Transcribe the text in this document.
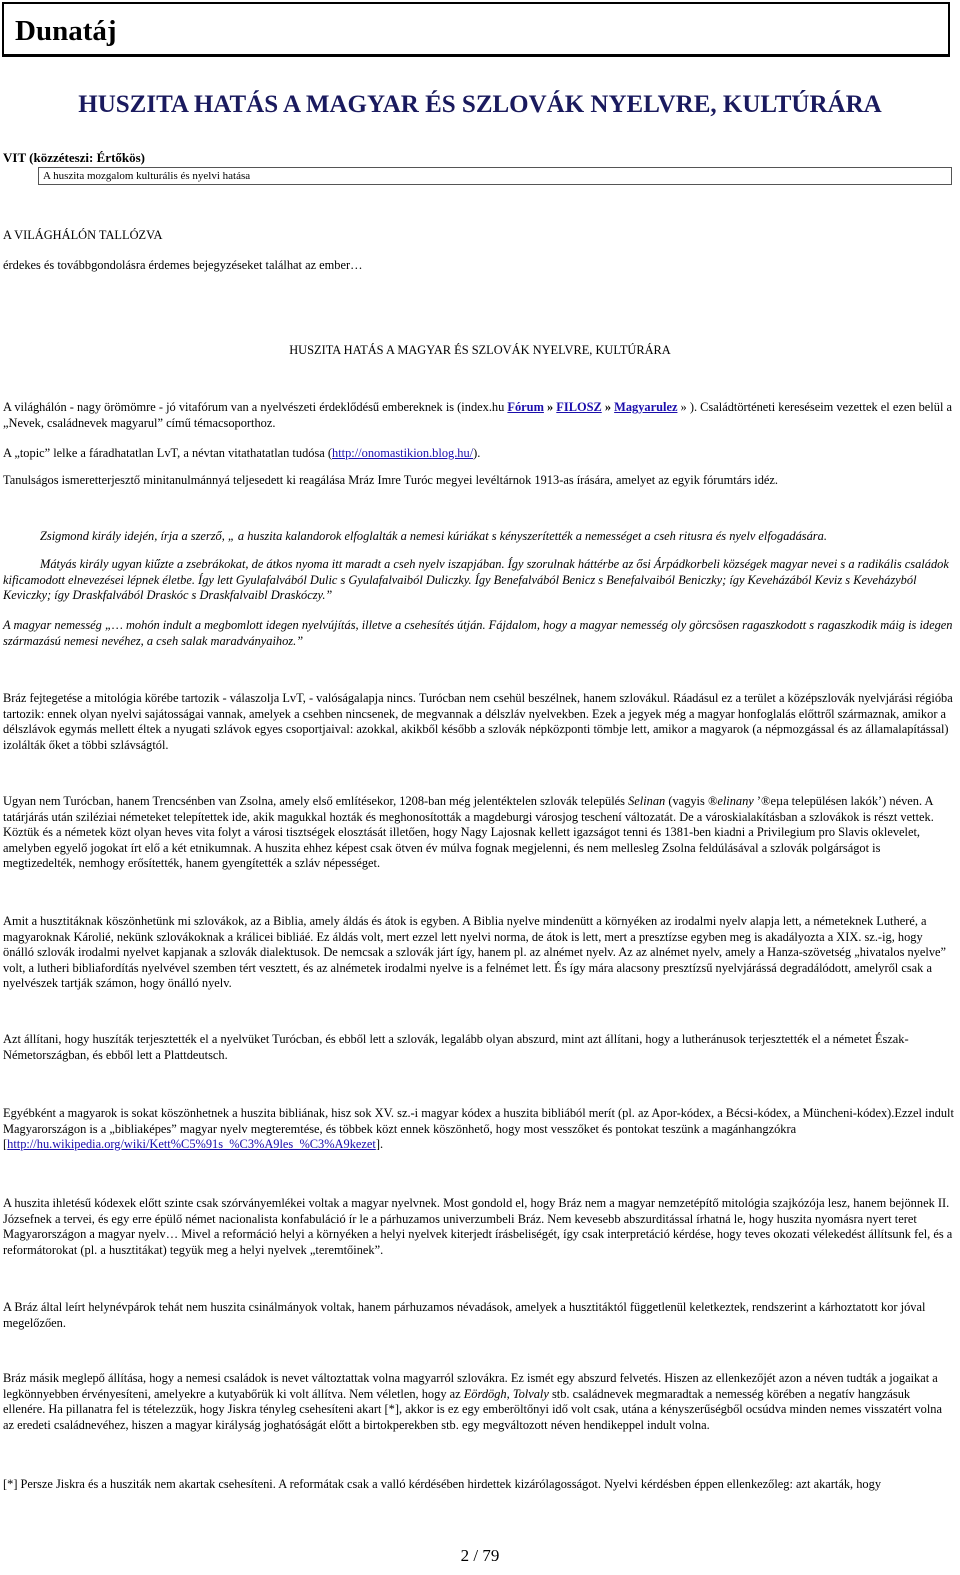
Dunatáj
HUSZITA HATÁS A MAGYAR ÉS SZLOVÁK NYELVRE, KULTÚRÁRA
VIT (közzéteszi: Értőkös)
A huszita mozgalom kulturális és nyelvi hatása

A VILÁGHÁLÓN TALLÓZVA

érdekes és továbbgondolásra érdemes bejegyzéseket találhat az ember…

HUSZITA HATÁS A MAGYAR ÉS SZLOVÁK NYELVRE, KULTÚRÁRA

A világhálón - nagy örömömre - jó vitafórum van a nyelvészeti érdeklődésű embereknek is (index.hu Fórum » FILOSZ » Magyarulez » ). Családtörténeti kereséseim vezettek el ezen belül a „Nevek, családnevek magyarul” című témacsoporthoz.

A „topic” lelke a fáradhatatlan LvT, a névtan vitathatatlan tudósa (http://onomastikion.blog.hu/).

Tanulságos ismeretterjesztő minitanulmánnyá teljesedett ki reagálása Mráz Imre Turóc megyei levéltárnok 1913-as írására, amelyet az egyik fórumtárs idéz.

Zsigmond király idején, írja a szerző, „ a huszita kalandorok elfoglalták a nemesi kúriákat s kényszerítették a nemességet a cseh ritusra és nyelv elfogadására.

Mátyás király ugyan kiűzte a zsebrákokat, de átkos nyoma itt maradt a cseh nyelv iszapjában. Így szorulnak háttérbe az ősi Árpádkorbeli községek magyar nevei s a radikális családok kificamodott elnevezései lépnek életbe. Így lett Gyulafalvából Dulic s Gyulafalvaiból Duliczky. Így Benefalvából Benicz s Benefalvaiból Beniczky; így Keveházából Keviz s Keveházyból Keviczky; így Draskfalvából Draskóc s Draskfalvaibl Draskóczy.”

A magyar nemesség „… mohón indult a megbomlott idegen nyelvújítás, illetve a csehesítés útján. Fájdalom, hogy a magyar nemesség oly görcsösen ragaszkodott s ragaszkodik máig is idegen származású nemesi nevéhez, a cseh salak maradványaihoz.”

Bráz fejtegetése a mitológia körébe tartozik - válaszolja LvT, - valóságalapja nincs. Turócban nem csehül beszélnek, hanem szlovákul. Ráadásul ez a terület a középszlovák nyelvjárási régióba tartozik: ennek olyan nyelvi sajátosságai vannak, amelyek a csehben nincsenek, de megvannak a délszláv nyelvekben. Ezek a jegyek még a magyar honfoglalás előttről származnak, amikor a délszlávok egymás mellett éltek a nyugati szlávok egyes csoportjaival: azokkal, akikből később a szlovák népközponti tömbje lett, amikor a magyarok (a népmozgással és az államalapítással) izolálták őket a többi szlávságtól.

Ugyan nem Turócban, hanem Trencsénben van Zsolna, amely első említésekor, 1208-ban még jelentéktelen szlovák település Selinan (vagyis ®elinany ’®eµa településen lakók’) néven. A tatárjárás után sziléziai németeket telepítettek ide, akik magukkal hozták és meghonosították a magdeburgi városjog teschení változatát. De a városkialakításban a szlovákok is részt vettek. Köztük és a németek közt olyan heves vita folyt a városi tisztségek elosztását illetően, hogy Nagy Lajosnak kellett igazságot tenni és 1381-ben kiadni a Privilegium pro Slavis oklevelet, amelyben egyelő jogokat írt elő a két etnikumnak. A huszita ehhez képest csak ötven év múlva fognak megjelenni, és nem mellesleg Zsolna feldúlásával a szlovák polgárságot is megtizedelték, nemhogy erősítették, hanem gyengítették a szláv népességet.

Amit a husztitáknak köszönhetünk mi szlovákok, az a Biblia, amely áldás és átok is egyben. A Biblia nyelve mindenütt a környéken az irodalmi nyelv alapja lett, a németeknek Lutheré, a magyaroknak Károlié, nekünk szlovákoknak a králicei bibliáé. Ez áldás volt, mert ezzel lett nyelvi norma, de átok is lett, mert a presztízse egyben meg is akadályozta a XIX. sz.-ig, hogy önálló szlovák irodalmi nyelvet kapjanak a szlovák dialektusok. De nemcsak a szlovák járt így, hanem pl. az alnémet nyelv. Az az alnémet nyelv, amely a Hanza-szövetség „hivatalos nyelve” volt, a lutheri bibliafordítás nyelvével szemben tért vesztett, és az alnémetek irodalmi nyelve is a felnémet lett. És így mára alacsony presztízsű nyelvjárássá degradálódott, amelyről csak a nyelvészek tartják számon, hogy önálló nyelv.

Azt állítani, hogy huszíták terjesztették el a nyelvüket Turócban, és ebből lett a szlovák, legalább olyan abszurd, mint azt állítani, hogy a lutheránusok terjesztették el a németet Észak-Németországban, és ebből lett a Plattdeutsch.

Egyébként a magyarok is sokat köszönhetnek a huszita bibliának, hisz sok XV. sz.-i magyar kódex a huszita bibliából merít (pl. az Apor-kódex, a Bécsi-kódex, a Müncheni-kódex).Ezzel indult Magyarországon is a „bibliaképes” magyar nyelv megteremtése, és többek közt ennek köszönhető, hogy most vesszőket és pontokat teszünk a magánhangzókra [http://hu.wikipedia.org/wiki/Kett%C5%91s_%C3%A9les_%C3%A9kezet].

A huszita ihletésű kódexek előtt szinte csak szórványemlékei voltak a magyar nyelvnek. Most gondold el, hogy Bráz nem a magyar nemzetépítő mitológia szajkózója lesz, hanem bejönnek II. Józsefnek a tervei, és egy erre épülő német nacionalista konfabuláció ír le a párhuzamos univerzumbeli Bráz. Nem kevesebb abszurditással írhatná le, hogy huszita nyomásra nyert teret Magyarországon a magyar nyelv… Mivel a reformáció helyi a környéken a helyi nyelvek kiterjedt írásbeliségét, így csak interpretáció kérdése, hogy teves okozati vélekedést állítsunk fel, és a reformátorokat (pl. a husztitákat) tegyük meg a helyi nyelvek „teremtőinek”.

A Bráz által leírt helynévpárok tehát nem huszita csinálmányok voltak, hanem párhuzamos névadások, amelyek a husztitáktól függetlenül keletkeztek, rendszerint a kárhoztatott kor jóval megelőzően.

Bráz másik meglepő állítása, hogy a nemesi családok is nevet változtattak volna magyarról szlovákra. Ez ismét egy abszurd felvetés. Hiszen az ellenkezőjét azon a néven tudták a jogaikat a legkönnyebben érvényesíteni, amelyekre a kutyabőrük ki volt állítva. Nem véletlen, hogy az Eördögh, Tolvaly stb. családnevek megmaradtak a nemesség körében a negatív hangzásuk ellenére. Ha pillanatra fel is tételezzük, hogy Jiskra tényleg csehesíteni akart [*], akkor is ez egy emberöltőnyi idő volt csak, utána a kényszerűségből ocsúdva minden nemes visszatért volna az eredeti családnevéhez, hiszen a magyar királyság joghatóságát előtt a birtokperekben stb. egy megváltozott néven hendikeppel indult volna.

[*] Persze Jiskra és a husziták nem akartak csehesíteni. A reformátak csak a valló kérdésében hirdettek kizárólagosságot. Nyelvi kérdésben éppen ellenkezőleg: azt akarták, hogy

2 / 79
